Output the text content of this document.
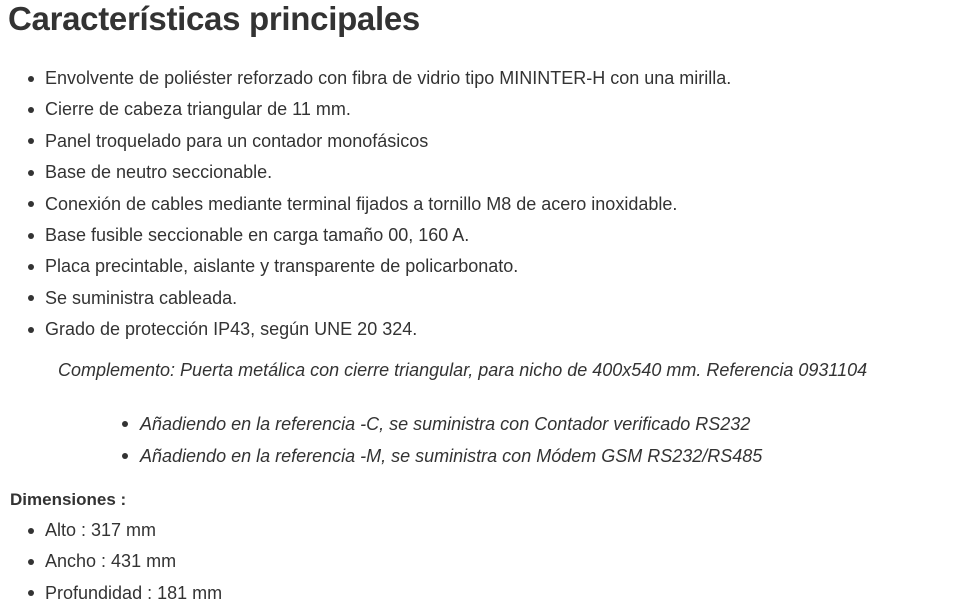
Características principales
Envolvente de poliéster reforzado con fibra de vidrio tipo MININTER-H con una mirilla.
Cierre de cabeza triangular de 11 mm.
Panel troquelado para un contador monofásicos
Base de neutro seccionable.
Conexión de cables mediante terminal fijados a tornillo M8 de acero inoxidable.
Base fusible seccionable en carga tamaño 00, 160 A.
Placa precintable, aislante y transparente de policarbonato.
Se suministra cableada.
Grado de protección IP43, según UNE 20 324.

Complemento: Puerta metálica con cierre triangular, para nicho de 400x540 mm. Referencia 0931104

Añadiendo en la referencia -C, se suministra con Contador verificado RS232
Añadiendo en la referencia -M, se suministra con Módem GSM RS232/RS485
Dimensiones :
Alto : 317 mm
Ancho : 431 mm
Profundidad : 181 mm
